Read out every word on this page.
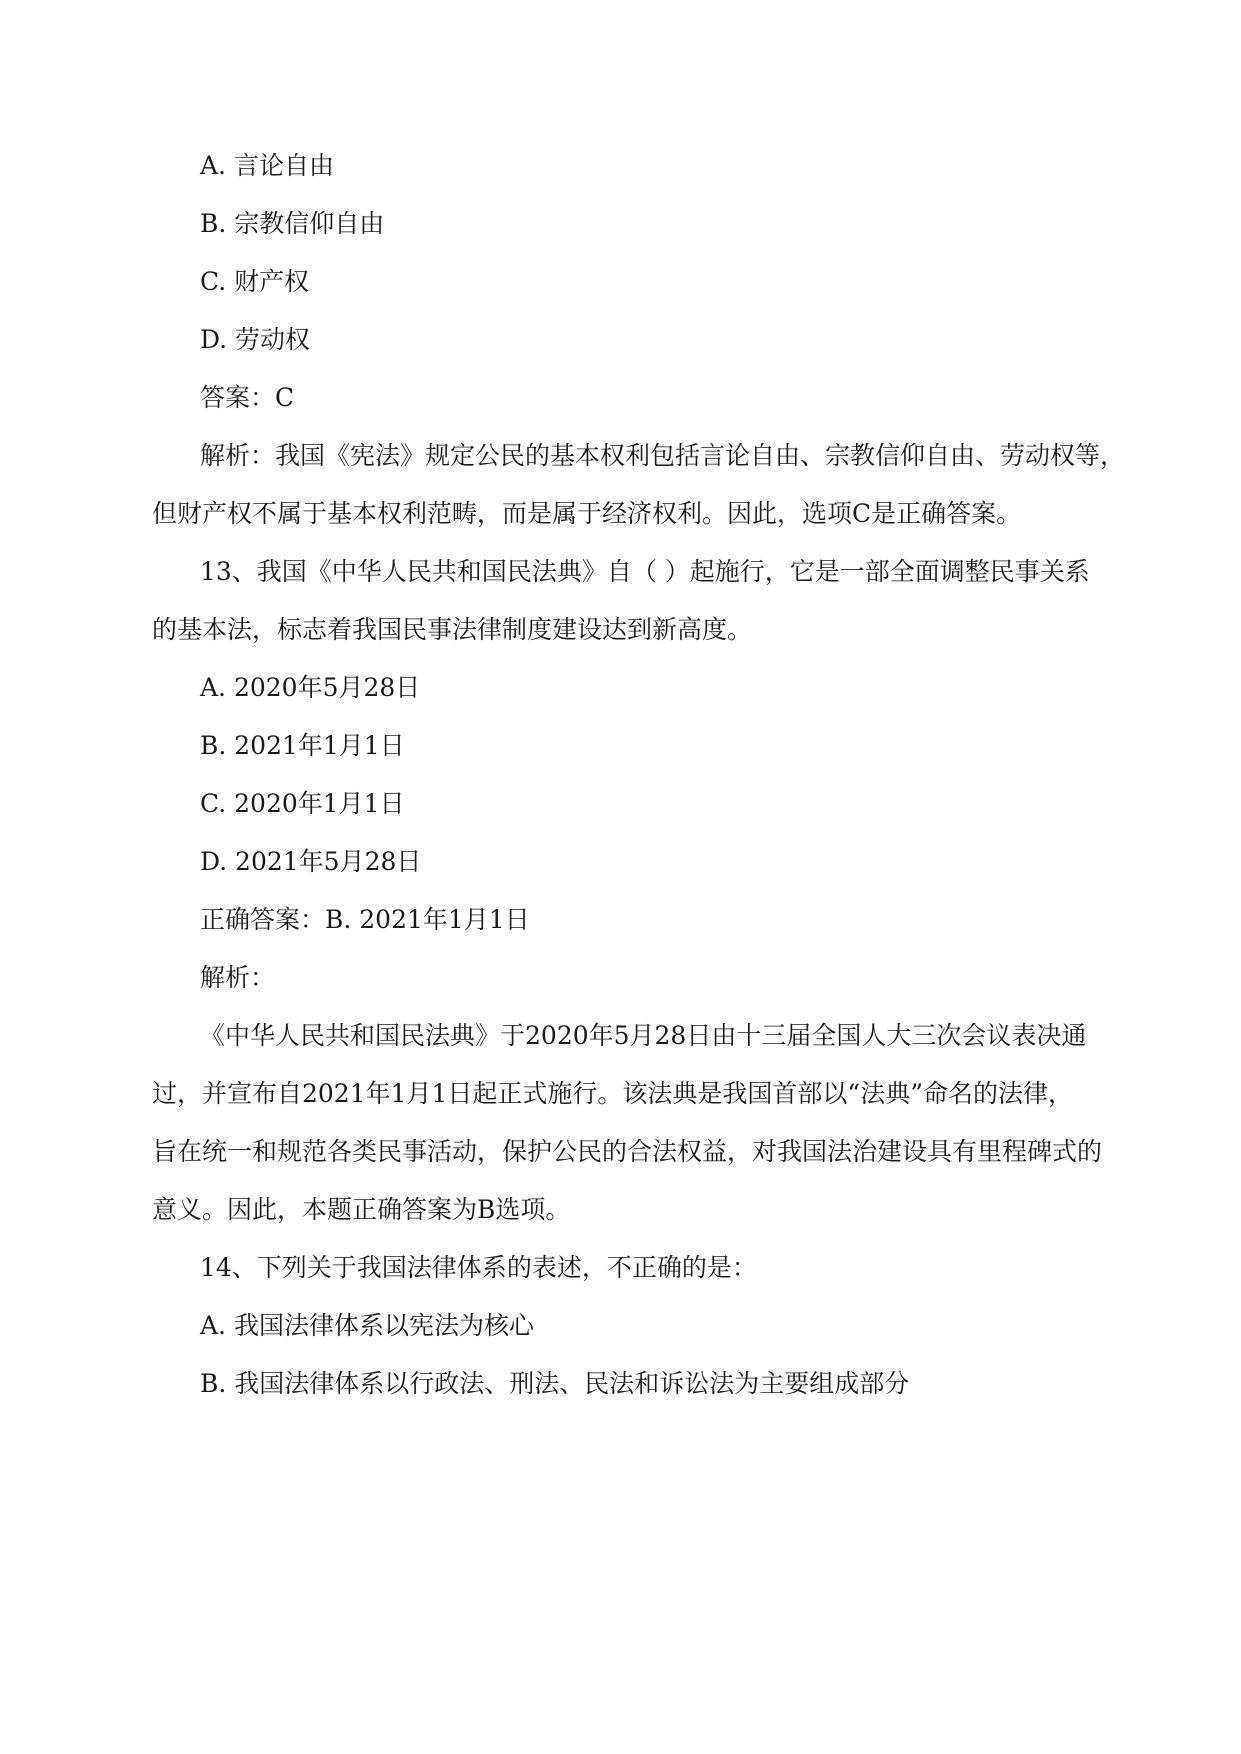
A. 言论自由
B. 宗教信仰自由
C. 财产权
D. 劳动权
答案：C
解析：我国《宪法》规定公民的基本权利包括言论自由、宗教信仰自由、劳动权等，
但财产权不属于基本权利范畴，而是属于经济权利。因此，选项C是正确答案。
13、我国《中华人民共和国民法典》自（ ）起施行，它是一部全面调整民事关系
的基本法，标志着我国民事法律制度建设达到新高度。
A. 2020年5月28日
B. 2021年1月1日
C. 2020年1月1日
D. 2021年5月28日
正确答案：B. 2021年1月1日
解析：
《中华人民共和国民法典》于2020年5月28日由十三届全国人大三次会议表决通
过，并宣布自2021年1月1日起正式施行。该法典是我国首部以“法典”命名的法律，
旨在统一和规范各类民事活动，保护公民的合法权益，对我国法治建设具有里程碑式的
意义。因此，本题正确答案为B选项。
14、下列关于我国法律体系的表述，不正确的是：
A. 我国法律体系以宪法为核心
B. 我国法律体系以行政法、刑法、民法和诉讼法为主要组成部分
